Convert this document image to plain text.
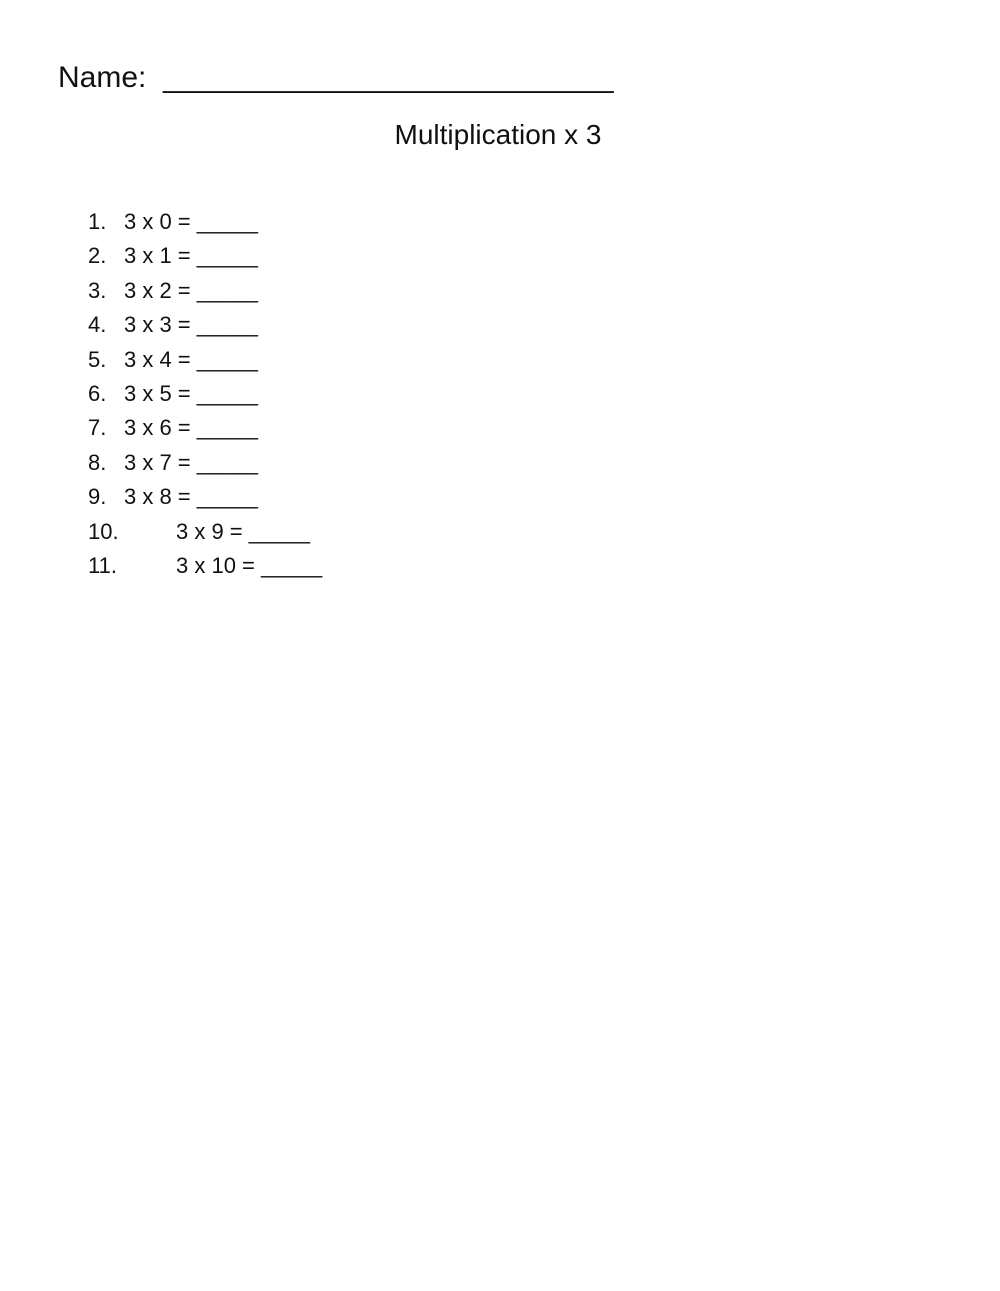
Name:  ___________________________
Multiplication x 3
1. 3 x 0 = _____
2. 3 x 1 = _____
3. 3 x 2 = _____
4. 3 x 3 = _____
5. 3 x 4 = _____
6. 3 x 5 = _____
7. 3 x 6 = _____
8. 3 x 7 = _____
9. 3 x 8 = _____
10.	3 x 9 = _____
11.	3 x 10 = _____
